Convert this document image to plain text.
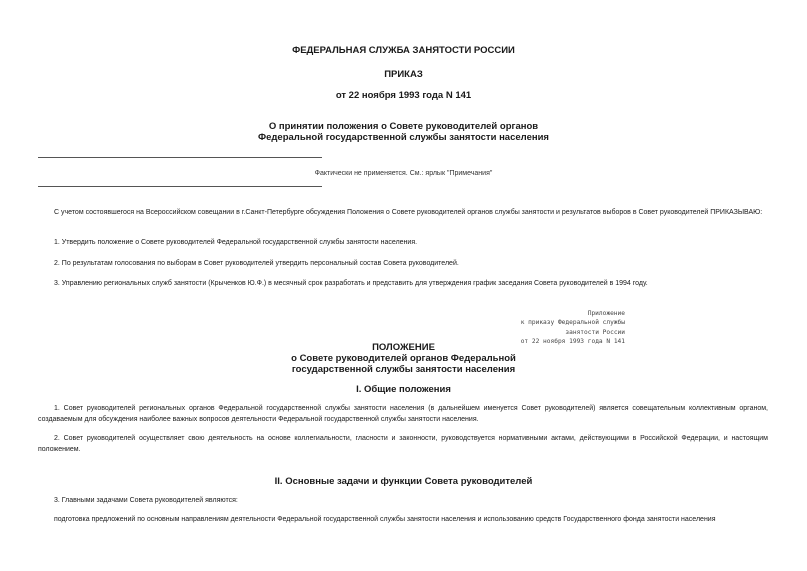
ФЕДЕРАЛЬНАЯ СЛУЖБА ЗАНЯТОСТИ РОССИИ
ПРИКАЗ
от 22 ноября 1993 года N 141
О принятии положения о Совете руководителей органов
Федеральной государственной службы занятости населения
Фактически не применяется. См.: ярлык "Примечания"

С учетом состоявшегося на Всероссийском совещании в г.Санкт-Петербурге обсуждения Положения о Совете руководителей органов службы занятости и результатов выборов в Совет руководителей ПРИКАЗЫВАЮ:

1. Утвердить положение о Совете руководителей Федеральной государственной службы занятости населения.

2. По результатам голосования по выборам в Совет руководителей утвердить персональный состав Совета руководителей.

3. Управлению региональных служб занятости (Крыченков Ю.Ф.) в месячный срок разработать и представить для утверждения график заседания Совета руководителей в 1994 году.

Приложение
к приказу Федеральной службы
занятости России
от 22 ноября 1993 года N 141
ПОЛОЖЕНИЕ
о Совете руководителей органов Федеральной
государственной службы занятости населения
I. Общие положения

1. Совет руководителей региональных органов Федеральной государственной службы занятости населения (в дальнейшем именуется Совет руководителей) является совещательным коллективным органом, создаваемым для обсуждения наиболее важных вопросов деятельности Федеральной государственной службы занятости населения.

2. Совет руководителей осуществляет свою деятельность на основе коллегиальности, гласности и законности, руководствуется нормативными актами, действующими в Российской Федерации, и настоящим положением.

II. Основные задачи и функции Совета руководителей

3. Главными задачами Совета руководителей являются:

подготовка предложений по основным направлениям деятельности Федеральной государственной службы занятости населения и использованию средств Государственного фонда занятости населения
